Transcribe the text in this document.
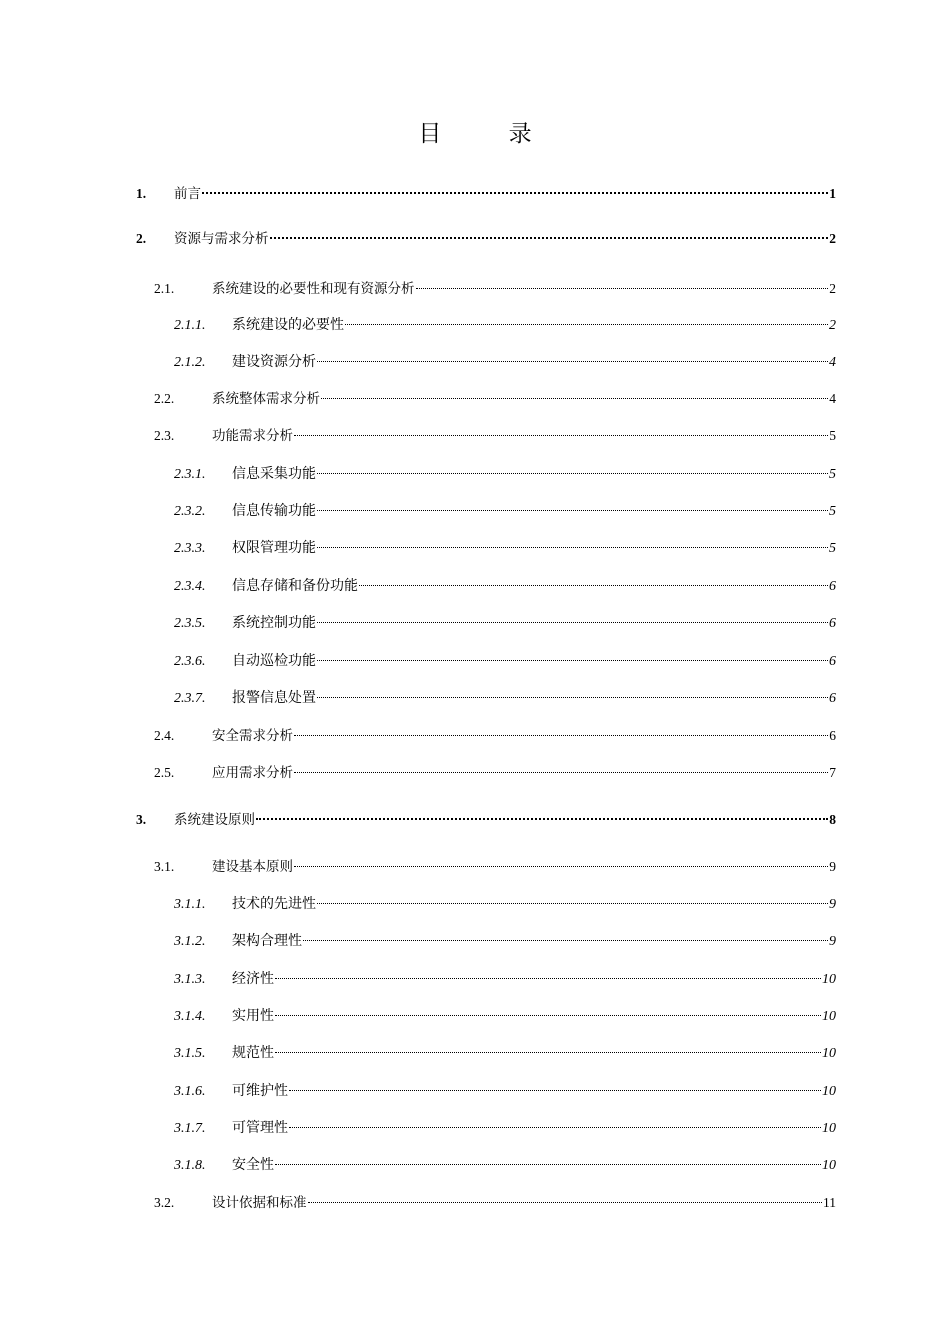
目 录
1.	前言	1
2.	资源与需求分析	2
2.1.	系统建设的必要性和现有资源分析	2
2.1.1.	系统建设的必要性	2
2.1.2.	建设资源分析	4
2.2.	系统整体需求分析	4
2.3.	功能需求分析	5
2.3.1.	信息采集功能	5
2.3.2.	信息传输功能	5
2.3.3.	权限管理功能	5
2.3.4.	信息存储和备份功能	6
2.3.5.	系统控制功能	6
2.3.6.	自动巡检功能	6
2.3.7.	报警信息处置	6
2.4.	安全需求分析	6
2.5.	应用需求分析	7
3.	系统建设原则	8
3.1.	建设基本原则	9
3.1.1.	技术的先进性	9
3.1.2.	架构合理性	9
3.1.3.	经济性	10
3.1.4.	实用性	10
3.1.5.	规范性	10
3.1.6.	可维护性	10
3.1.7.	可管理性	10
3.1.8.	安全性	10
3.2.	设计依据和标准	11
